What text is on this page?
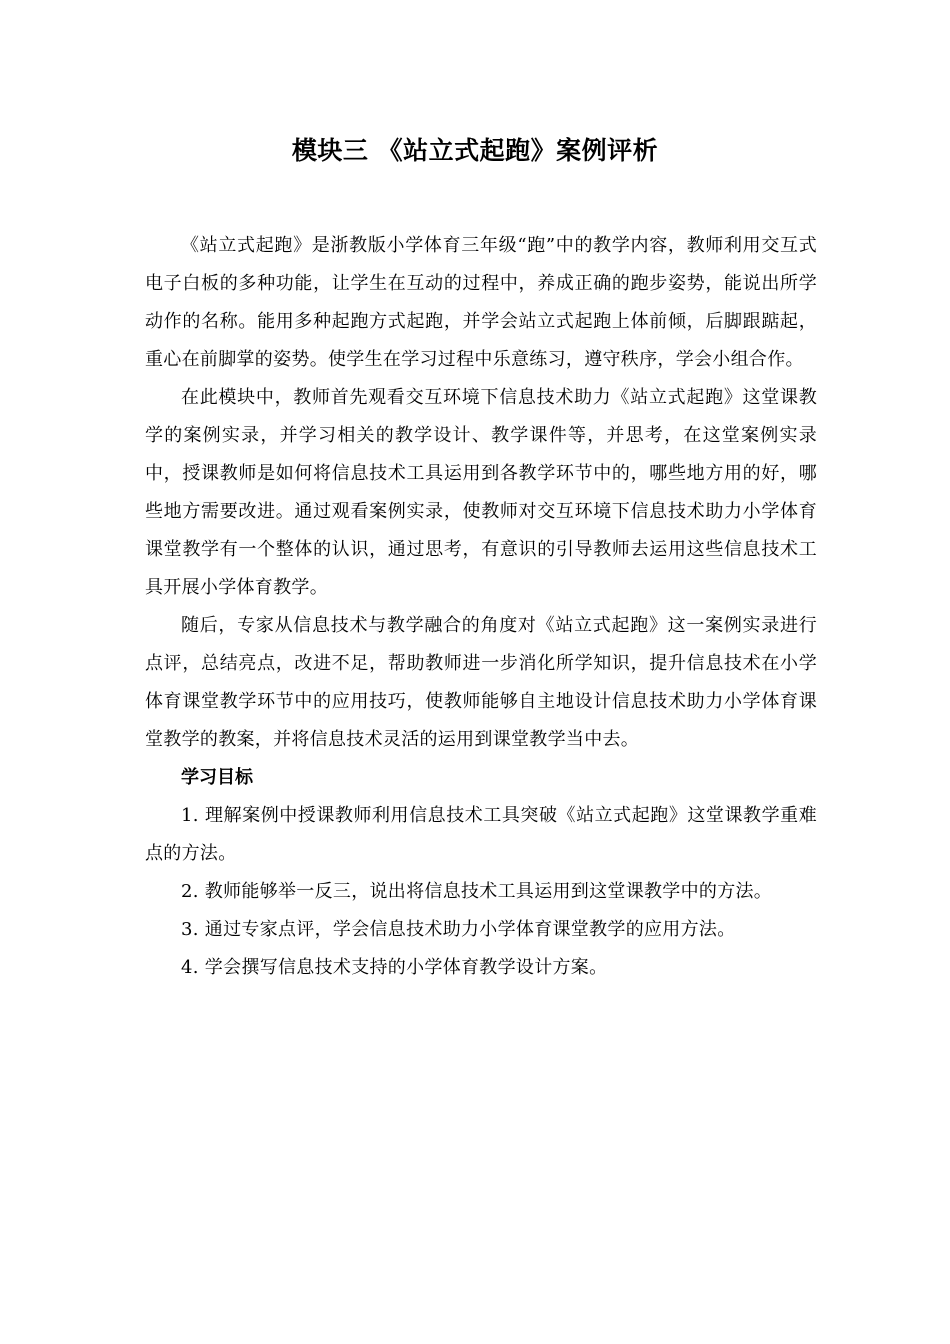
模块三 《站立式起跑》案例评析

《站立式起跑》是浙教版小学体育三年级“跑”中的教学内容，教师利用交互式电子白板的多种功能，让学生在互动的过程中，养成正确的跑步姿势，能说出所学动作的名称。能用多种起跑方式起跑，并学会站立式起跑上体前倾，后脚跟踮起，重心在前脚掌的姿势。使学生在学习过程中乐意练习，遵守秩序，学会小组合作。

在此模块中，教师首先观看交互环境下信息技术助力《站立式起跑》这堂课教学的案例实录，并学习相关的教学设计、教学课件等，并思考，在这堂案例实录中，授课教师是如何将信息技术工具运用到各教学环节中的，哪些地方用的好，哪些地方需要改进。通过观看案例实录，使教师对交互环境下信息技术助力小学体育课堂教学有一个整体的认识，通过思考，有意识的引导教师去运用这些信息技术工具开展小学体育教学。

随后，专家从信息技术与教学融合的角度对《站立式起跑》这一案例实录进行点评，总结亮点，改进不足，帮助教师进一步消化所学知识，提升信息技术在小学体育课堂教学环节中的应用技巧，使教师能够自主地设计信息技术助力小学体育课堂教学的教案，并将信息技术灵活的运用到课堂教学当中去。

学习目标

1. 理解案例中授课教师利用信息技术工具突破《站立式起跑》这堂课教学重难点的方法。

2. 教师能够举一反三，说出将信息技术工具运用到这堂课教学中的方法。

3. 通过专家点评，学会信息技术助力小学体育课堂教学的应用方法。

4. 学会撰写信息技术支持的小学体育教学设计方案。
